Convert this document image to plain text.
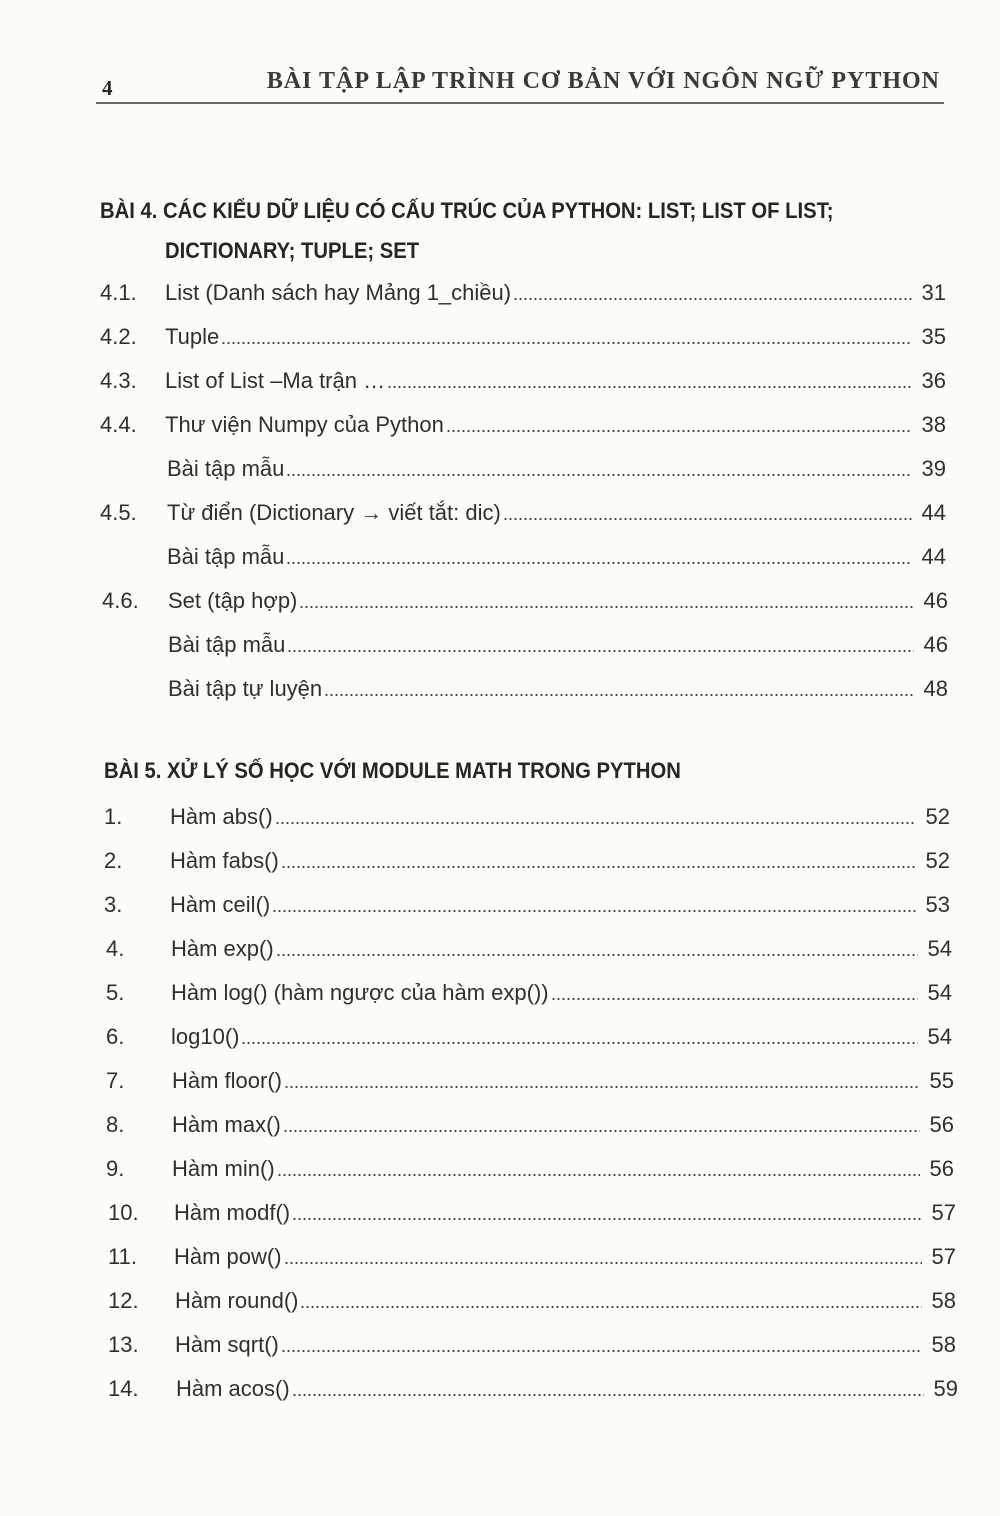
4	BÀI TẬP LẬP TRÌNH CƠ BẢN VỚI NGÔN NGỮ PYTHON
BÀI 4. CÁC KIỂU DỮ LIỆU CÓ CẤU TRÚC CỦA PYTHON: LIST; LIST OF LIST;
DICTIONARY; TUPLE; SET
4.1.	List (Danh sách hay Mảng 1_chiều)	31
4.2.	Tuple	35
4.3.	List of List –Ma trận …	36
4.4.	Thư viện Numpy của Python	38
Bài tập mẫu	39
4.5.	Từ điển (Dictionary → viết tắt: dic)	44
Bài tập mẫu	44
4.6.	Set (tập hợp)	46
Bài tập mẫu	46
Bài tập tự luyện	48
BÀI 5. XỬ LÝ SỐ HỌC VỚI MODULE MATH TRONG PYTHON
1.	Hàm abs()	52
2.	Hàm fabs()	52
3.	Hàm ceil()	53
4.	Hàm exp()	54
5.	Hàm log() (hàm ngược của hàm exp())	54
6.	log10()	54
7.	Hàm floor()	55
8.	Hàm max()	56
9.	Hàm min()	56
10.	Hàm modf()	57
11.	Hàm pow()	57
12.	Hàm round()	58
13.	Hàm sqrt()	58
14.	Hàm acos()	59
